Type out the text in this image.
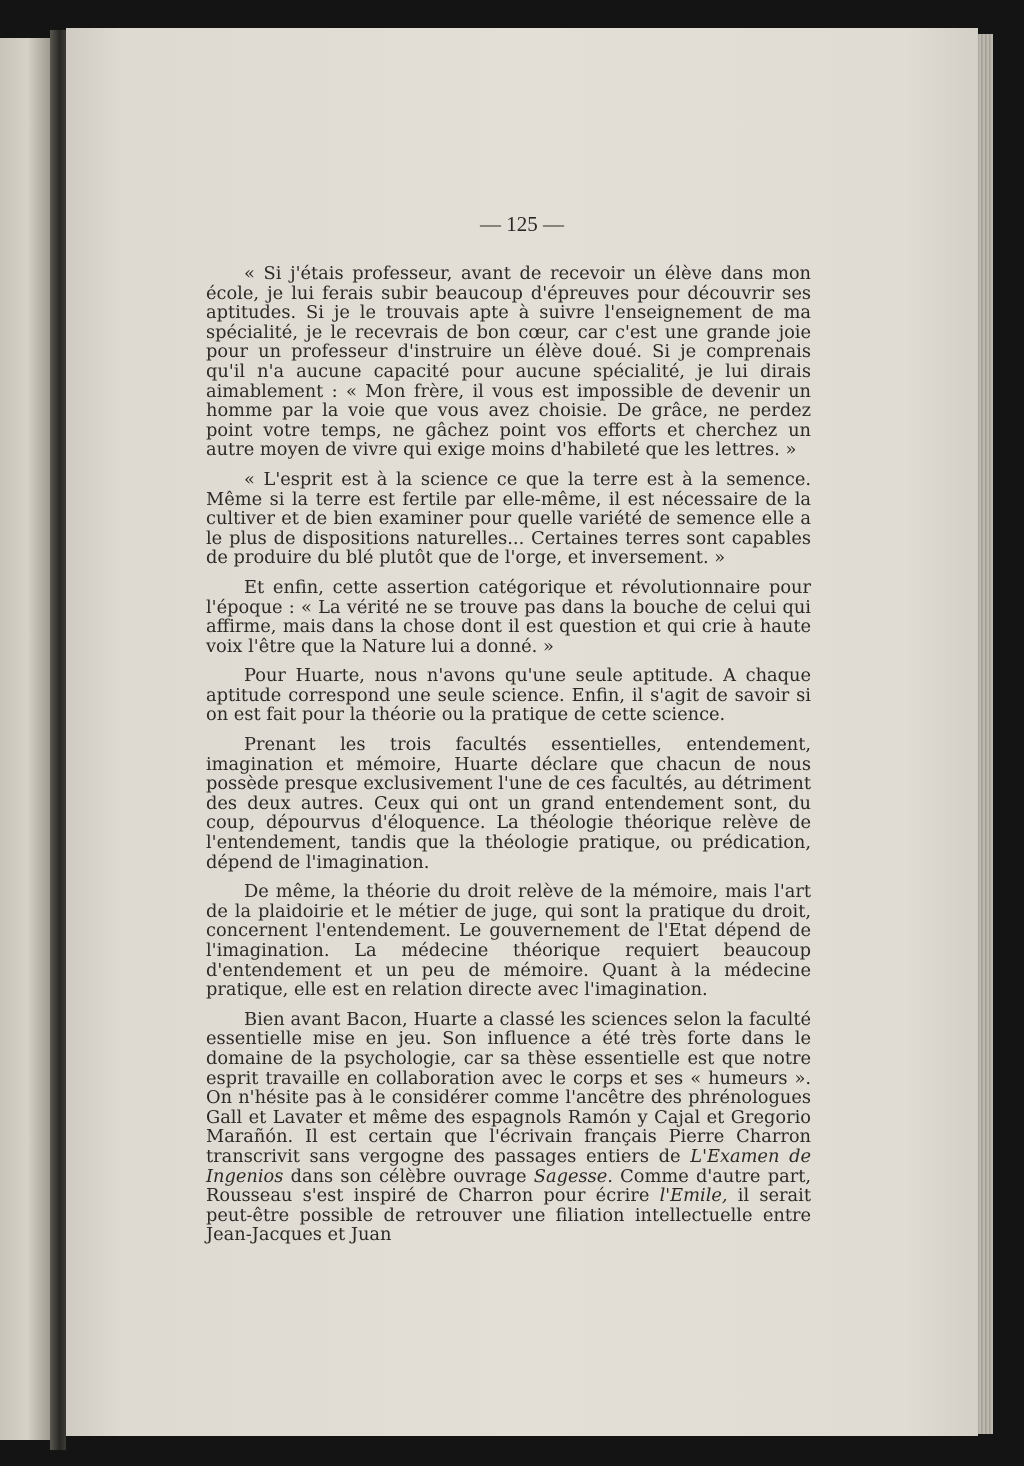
— 125 —

« Si j'étais professeur, avant de recevoir un élève dans mon école, je lui ferais subir beaucoup d'épreuves pour découvrir ses aptitudes. Si je le trouvais apte à suivre l'enseignement de ma spécialité, je le recevrais de bon cœur, car c'est une grande joie pour un professeur d'instruire un élève doué. Si je comprenais qu'il n'a aucune capacité pour aucune spécialité, je lui dirais aimablement : « Mon frère, il vous est impossible de devenir un homme par la voie que vous avez choisie. De grâce, ne perdez point votre temps, ne gâchez point vos efforts et cherchez un autre moyen de vivre qui exige moins d'habileté que les lettres. »

« L'esprit est à la science ce que la terre est à la semence. Même si la terre est fertile par elle-même, il est nécessaire de la cultiver et de bien examiner pour quelle variété de semence elle a le plus de dispositions naturelles... Certaines terres sont capables de produire du blé plutôt que de l'orge, et inversement. »

Et enfin, cette assertion catégorique et révolutionnaire pour l'époque : « La vérité ne se trouve pas dans la bouche de celui qui affirme, mais dans la chose dont il est question et qui crie à haute voix l'être que la Nature lui a donné. »

Pour Huarte, nous n'avons qu'une seule aptitude. A chaque aptitude correspond une seule science. Enfin, il s'agit de savoir si on est fait pour la théorie ou la pratique de cette science.

Prenant les trois facultés essentielles, entendement, imagination et mémoire, Huarte déclare que chacun de nous possède presque exclusivement l'une de ces facultés, au détriment des deux autres. Ceux qui ont un grand entendement sont, du coup, dépourvus d'éloquence. La théologie théorique relève de l'entendement, tandis que la théologie pratique, ou prédication, dépend de l'imagination.

De même, la théorie du droit relève de la mémoire, mais l'art de la plaidoirie et le métier de juge, qui sont la pratique du droit, concernent l'entendement. Le gouvernement de l'Etat dépend de l'imagination. La médecine théorique requiert beaucoup d'entendement et un peu de mémoire. Quant à la médecine pratique, elle est en relation directe avec l'imagination.

Bien avant Bacon, Huarte a classé les sciences selon la faculté essentielle mise en jeu. Son influence a été très forte dans le domaine de la psychologie, car sa thèse essentielle est que notre esprit travaille en collaboration avec le corps et ses « humeurs ». On n'hésite pas à le considérer comme l'ancêtre des phrénologues Gall et Lavater et même des espagnols Ramón y Cajal et Gregorio Marañón. Il est certain que l'écrivain français Pierre Charron transcrivit sans vergogne des passages entiers de L'Examen de Ingenios dans son célèbre ouvrage Sagesse. Comme d'autre part, Rousseau s'est inspiré de Charron pour écrire l'Emile, il serait peut-être possible de retrouver une filiation intellectuelle entre Jean-Jacques et Juan
